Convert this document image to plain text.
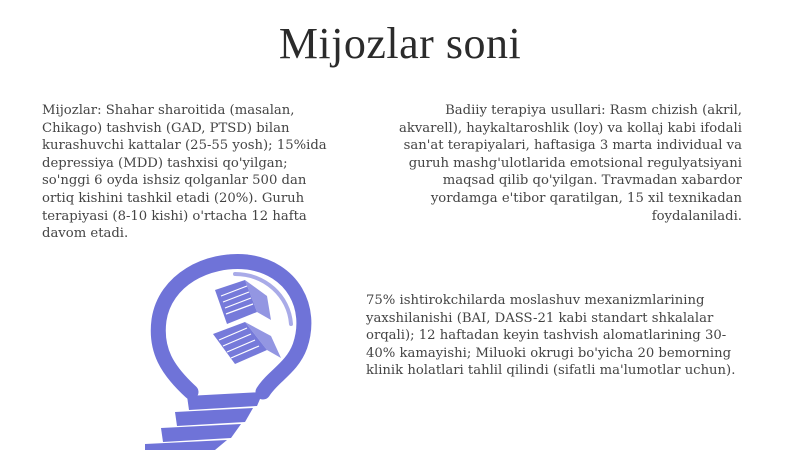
Mijozlar soni
Mijozlar: Shahar sharoitida (masalan, Chikago) tashvish (GAD, PTSD) bilan kurashuvchi kattalar (25-55 yosh); 15%ida depressiya (MDD) tashxisi qo'yilgan; so'nggi 6 oyda ishsiz qolganlar 500 dan ortiq kishini tashkil etadi (20%). Guruh terapiyasi (8-10 kishi) o'rtacha 12 hafta davom etadi.
Badiiy terapiya usullari: Rasm chizish (akril, akvarell), haykaltaroshlik (loy) va kollaj kabi ifodali san'at terapiyalari, haftasiga 3 marta individual va guruh mashg'ulotlarida emotsional regulyatsiyani maqsad qilib qo'yilgan. Travmadan xabardor yordamga e'tibor qaratilgan, 15 xil texnikadan foydalaniladi.
75% ishtirokchilarda moslashuv mexanizmlarining yaxshilanishi (BAI, DASS-21 kabi standart shkalalar orqali); 12 haftadan keyin tashvish alomatlarining 30-40% kamayishi; Miluoki okrugi bo'yicha 20 bemorning klinik holatlari tahlil qilindi (sifatli ma'lumotlar uchun).
